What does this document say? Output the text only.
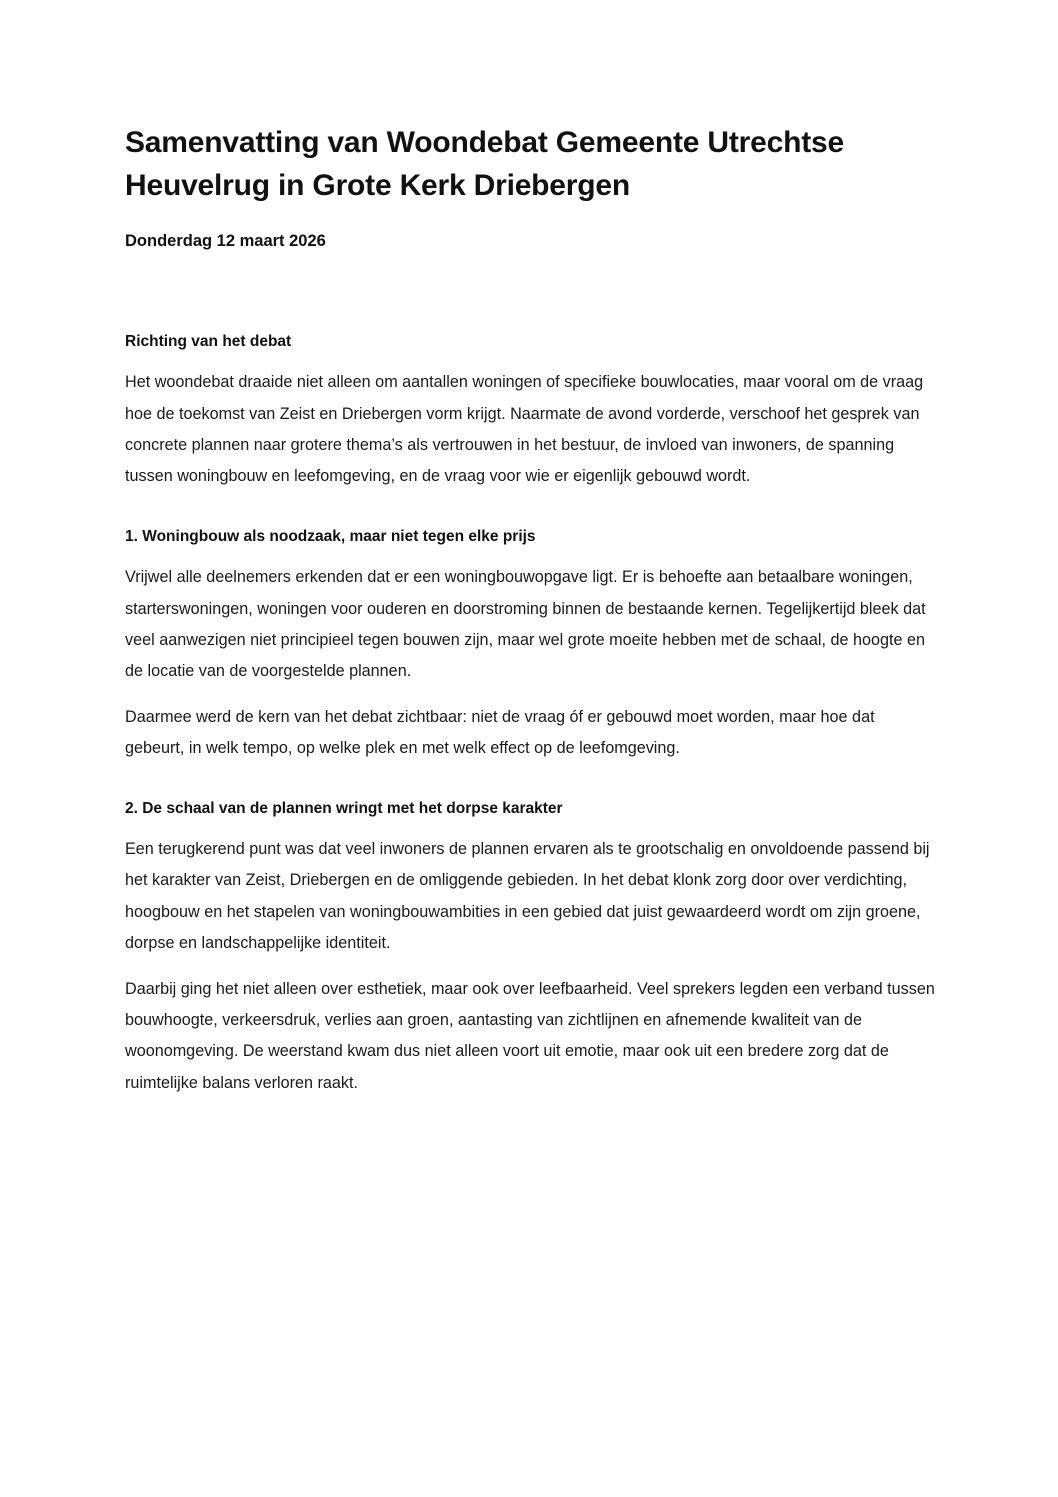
Samenvatting van Woondebat Gemeente Utrechtse Heuvelrug in Grote Kerk Driebergen

Donderdag 12 maart 2026

Richting van het debat

Het woondebat draaide niet alleen om aantallen woningen of specifieke bouwlocaties, maar vooral om de vraag hoe de toekomst van Zeist en Driebergen vorm krijgt. Naarmate de avond vorderde, verschoof het gesprek van concrete plannen naar grotere thema’s als vertrouwen in het bestuur, de invloed van inwoners, de spanning tussen woningbouw en leefomgeving, en de vraag voor wie er eigenlijk gebouwd wordt.

1. Woningbouw als noodzaak, maar niet tegen elke prijs

Vrijwel alle deelnemers erkenden dat er een woningbouwopgave ligt. Er is behoefte aan betaalbare woningen, starterswoningen, woningen voor ouderen en doorstroming binnen de bestaande kernen. Tegelijkertijd bleek dat veel aanwezigen niet principieel tegen bouwen zijn, maar wel grote moeite hebben met de schaal, de hoogte en de locatie van de voorgestelde plannen.

Daarmee werd de kern van het debat zichtbaar: niet de vraag óf er gebouwd moet worden, maar hoe dat gebeurt, in welk tempo, op welke plek en met welk effect op de leefomgeving.

2. De schaal van de plannen wringt met het dorpse karakter

Een terugkerend punt was dat veel inwoners de plannen ervaren als te grootschalig en onvoldoende passend bij het karakter van Zeist, Driebergen en de omliggende gebieden. In het debat klonk zorg door over verdichting, hoogbouw en het stapelen van woningbouwambities in een gebied dat juist gewaardeerd wordt om zijn groene, dorpse en landschappelijke identiteit.

Daarbij ging het niet alleen over esthetiek, maar ook over leefbaarheid. Veel sprekers legden een verband tussen bouwhoogte, verkeersdruk, verlies aan groen, aantasting van zichtlijnen en afnemende kwaliteit van de woonomgeving. De weerstand kwam dus niet alleen voort uit emotie, maar ook uit een bredere zorg dat de ruimtelijke balans verloren raakt.
